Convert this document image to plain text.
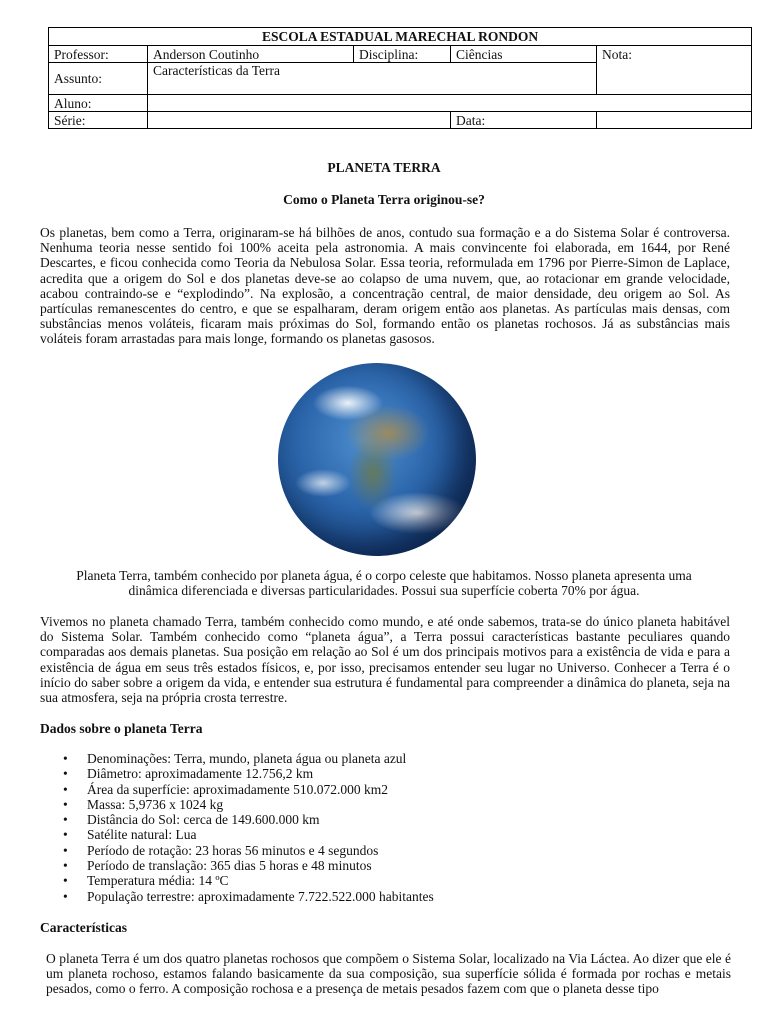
ESCOLA ESTADUAL MARECHAL RONDON				
Professor:	Anderson Coutinho	Disciplina:	Ciências	Nota:

Assunto:	Características da Terra			
Aluno:				
Série:			Data:	
PLANETA TERRA
Como o Planeta Terra originou-se?
Os planetas, bem como a Terra, originaram-se há bilhões de anos, contudo sua formação e a do Sistema Solar é controversa. Nenhuma teoria nesse sentido foi 100% aceita pela astronomia. A mais convincente foi elaborada, em 1644, por René Descartes, e ficou conhecida como Teoria da Nebulosa Solar. Essa teoria, reformulada em 1796 por Pierre-Simon de Laplace, acredita que a origem do Sol e dos planetas deve-se ao colapso de uma nuvem, que, ao rotacionar em grande velocidade, acabou contraindo-se e “explodindo”. Na explosão, a concentração central, de maior densidade, deu origem ao Sol. As partículas remanescentes do centro, e que se espalharam, deram origem então aos planetas. As partículas mais densas, com substâncias menos voláteis, ficaram mais próximas do Sol, formando então os planetas rochosos. Já as substâncias mais voláteis foram arrastadas para mais longe, formando os planetas gasosos.
Planeta Terra, também conhecido por planeta água, é o corpo celeste que habitamos. Nosso planeta apresenta uma dinâmica diferenciada e diversas particularidades. Possui sua superfície coberta 70% por água.
Vivemos no planeta chamado Terra, também conhecido como mundo, e até onde sabemos, trata-se do único planeta habitável do Sistema Solar. Também conhecido como “planeta água”, a Terra possui características bastante peculiares quando comparadas aos demais planetas. Sua posição em relação ao Sol é um dos principais motivos para a existência de vida e para a existência de água em seus três estados físicos, e, por isso, precisamos entender seu lugar no Universo. Conhecer a Terra é o início do saber sobre a origem da vida, e entender sua estrutura é fundamental para compreender a dinâmica do planeta, seja na sua atmosfera, seja na própria crosta terrestre.
Dados sobre o planeta Terra
• Denominações: Terra, mundo, planeta água ou planeta azul
• Diâmetro: aproximadamente 12.756,2 km
• Área da superfície: aproximadamente 510.072.000 km2
• Massa: 5,9736 x 1024 kg
• Distância do Sol: cerca de 149.600.000 km
• Satélite natural: Lua
• Período de rotação: 23 horas 56 minutos e 4 segundos
• Período de translação: 365 dias 5 horas e 48 minutos
• Temperatura média: 14 ºC
• População terrestre: aproximadamente 7.722.522.000 habitantes
Características
O planeta Terra é um dos quatro planetas rochosos que compõem o Sistema Solar, localizado na Via Láctea. Ao dizer que ele é um planeta rochoso, estamos falando basicamente da sua composição, sua superfície sólida é formada por rochas e metais pesados, como o ferro. A composição rochosa e a presença de metais pesados fazem com que o planeta desse tipo
